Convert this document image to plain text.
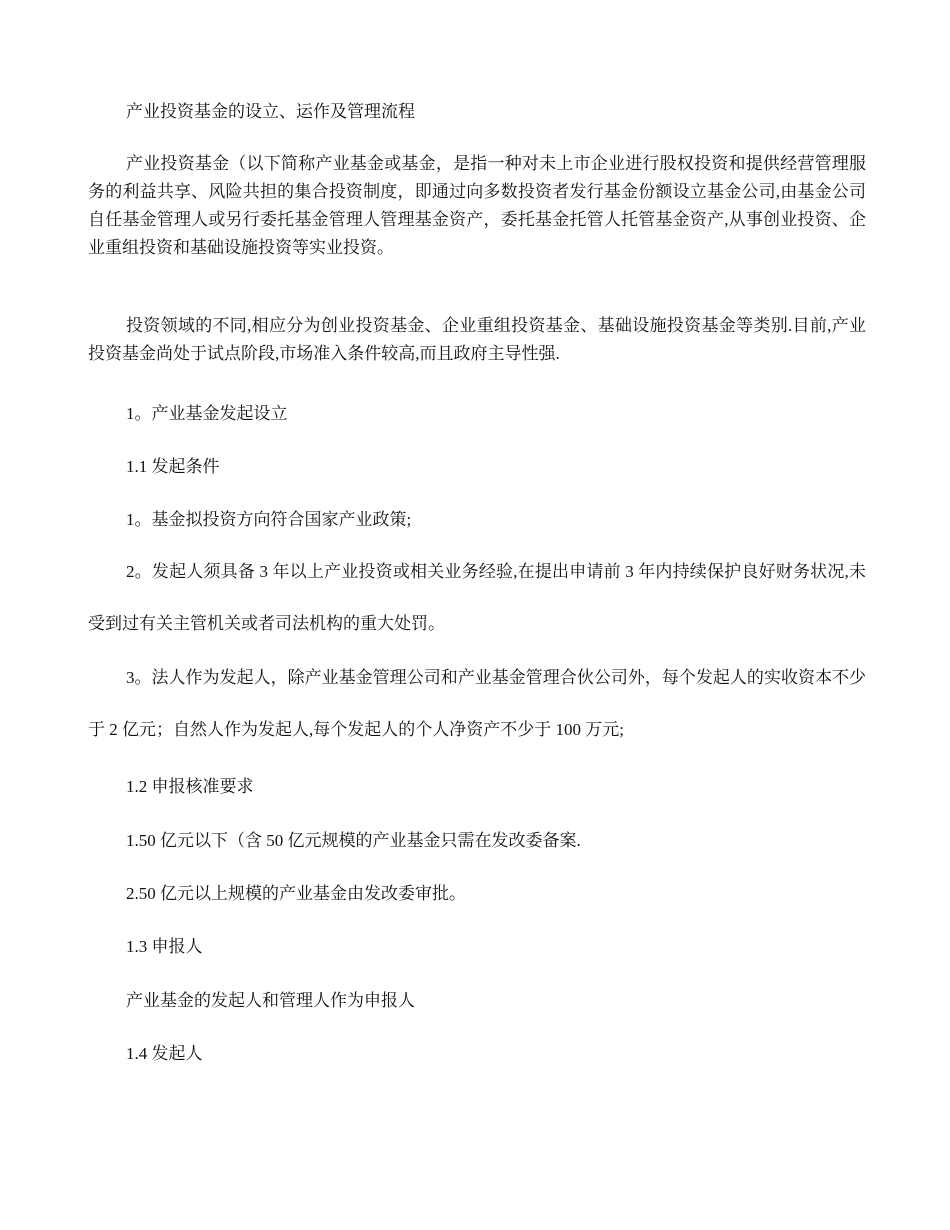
产业投资基金的设立、运作及管理流程

产业投资基金（以下简称产业基金或基金，是指一种对未上市企业进行股权投资和提供经营管理服务的利益共享、风险共担的集合投资制度，即通过向多数投资者发行基金份额设立基金公司,由基金公司自任基金管理人或另行委托基金管理人管理基金资产，委托基金托管人托管基金资产,从事创业投资、企业重组投资和基础设施投资等实业投资。

投资领域的不同,相应分为创业投资基金、企业重组投资基金、基础设施投资基金等类别.目前,产业投资基金尚处于试点阶段,市场准入条件较高,而且政府主导性强.

1。产业基金发起设立

1.1 发起条件

1。基金拟投资方向符合国家产业政策;

2。发起人须具备 3 年以上产业投资或相关业务经验,在提出申请前 3 年内持续保护良好财务状况,未受到过有关主管机关或者司法机构的重大处罚。

3。法人作为发起人，除产业基金管理公司和产业基金管理合伙公司外，每个发起人的实收资本不少于 2 亿元；自然人作为发起人,每个发起人的个人净资产不少于 100 万元;

1.2 申报核准要求

1.50 亿元以下（含 50 亿元规模的产业基金只需在发改委备案.

2.50 亿元以上规模的产业基金由发改委审批。

1.3 申报人

产业基金的发起人和管理人作为申报人

1.4 发起人
